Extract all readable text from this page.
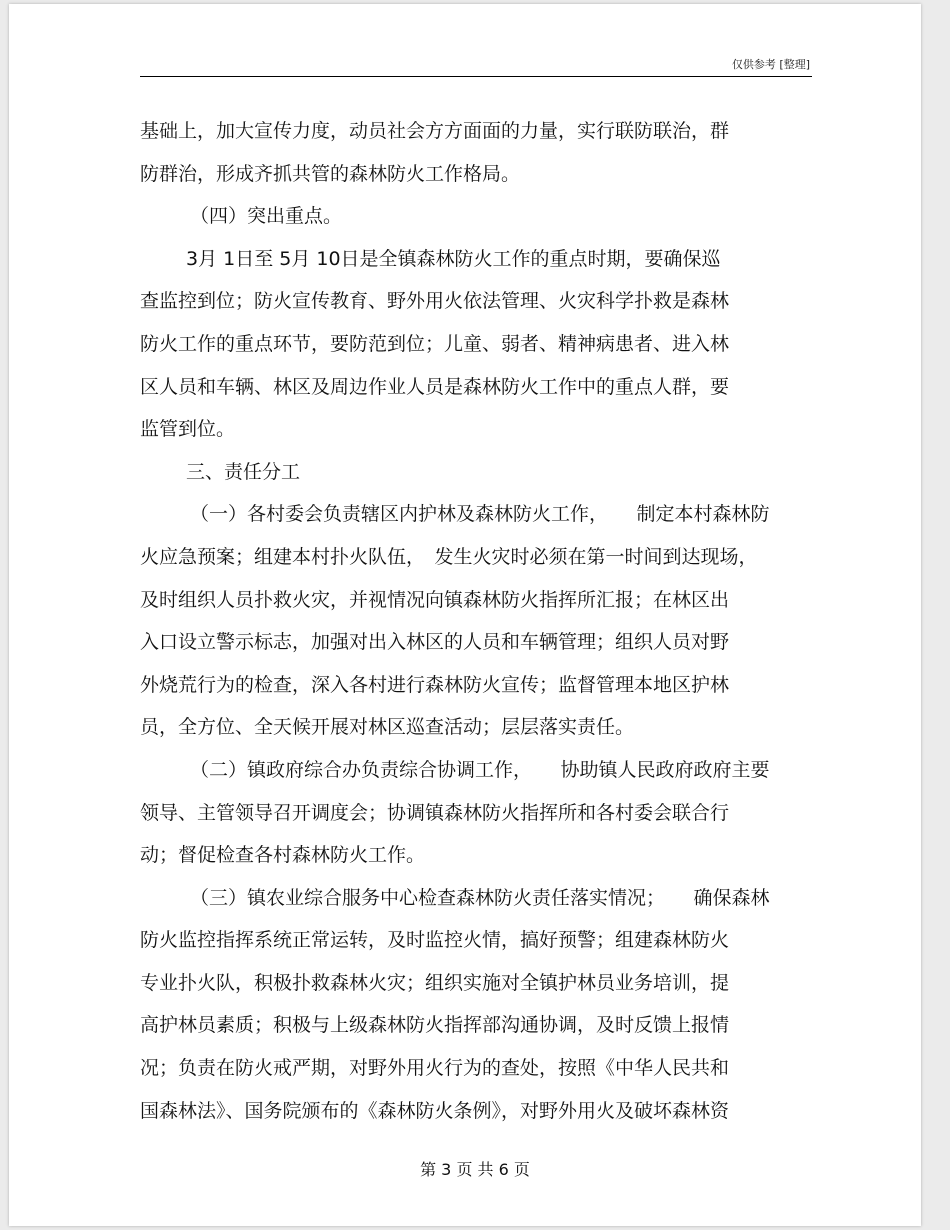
仅供参考 [整理]
基础上，加大宣传力度，动员社会方方面面的力量，实行联防联治，群
防群治，形成齐抓共管的森林防火工作格局。
（四）突出重点。
3月 1日至 5月 10日是全镇森林防火工作的重点时期，要确保巡
查监控到位；防火宣传教育、野外用火依法管理、火灾科学扑救是森林
防火工作的重点环节，要防范到位；儿童、弱者、精神病患者、进入林
区人员和车辆、林区及周边作业人员是森林防火工作中的重点人群，要
监管到位。
三、责任分工
（一）各村委会负责辖区内护林及森林防火工作，　　制定本村森林防
火应急预案；组建本村扑火队伍，　发生火灾时必须在第一时间到达现场，
及时组织人员扑救火灾，并视情况向镇森林防火指挥所汇报；在林区出
入口设立警示标志，加强对出入林区的人员和车辆管理；组织人员对野
外烧荒行为的检查，深入各村进行森林防火宣传；监督管理本地区护林
员，全方位、全天候开展对林区巡查活动；层层落实责任。
（二）镇政府综合办负责综合协调工作，　　协助镇人民政府政府主要
领导、主管领导召开调度会；协调镇森林防火指挥所和各村委会联合行
动；督促检查各村森林防火工作。
（三）镇农业综合服务中心检查森林防火责任落实情况；　　确保森林
防火监控指挥系统正常运转，及时监控火情，搞好预警；组建森林防火
专业扑火队，积极扑救森林火灾；组织实施对全镇护林员业务培训，提
高护林员素质；积极与上级森林防火指挥部沟通协调，及时反馈上报情
况；负责在防火戒严期，对野外用火行为的查处，按照《中华人民共和
国森林法》、国务院颁布的《森林防火条例》，对野外用火及破坏森林资
第 3 页 共 6 页
